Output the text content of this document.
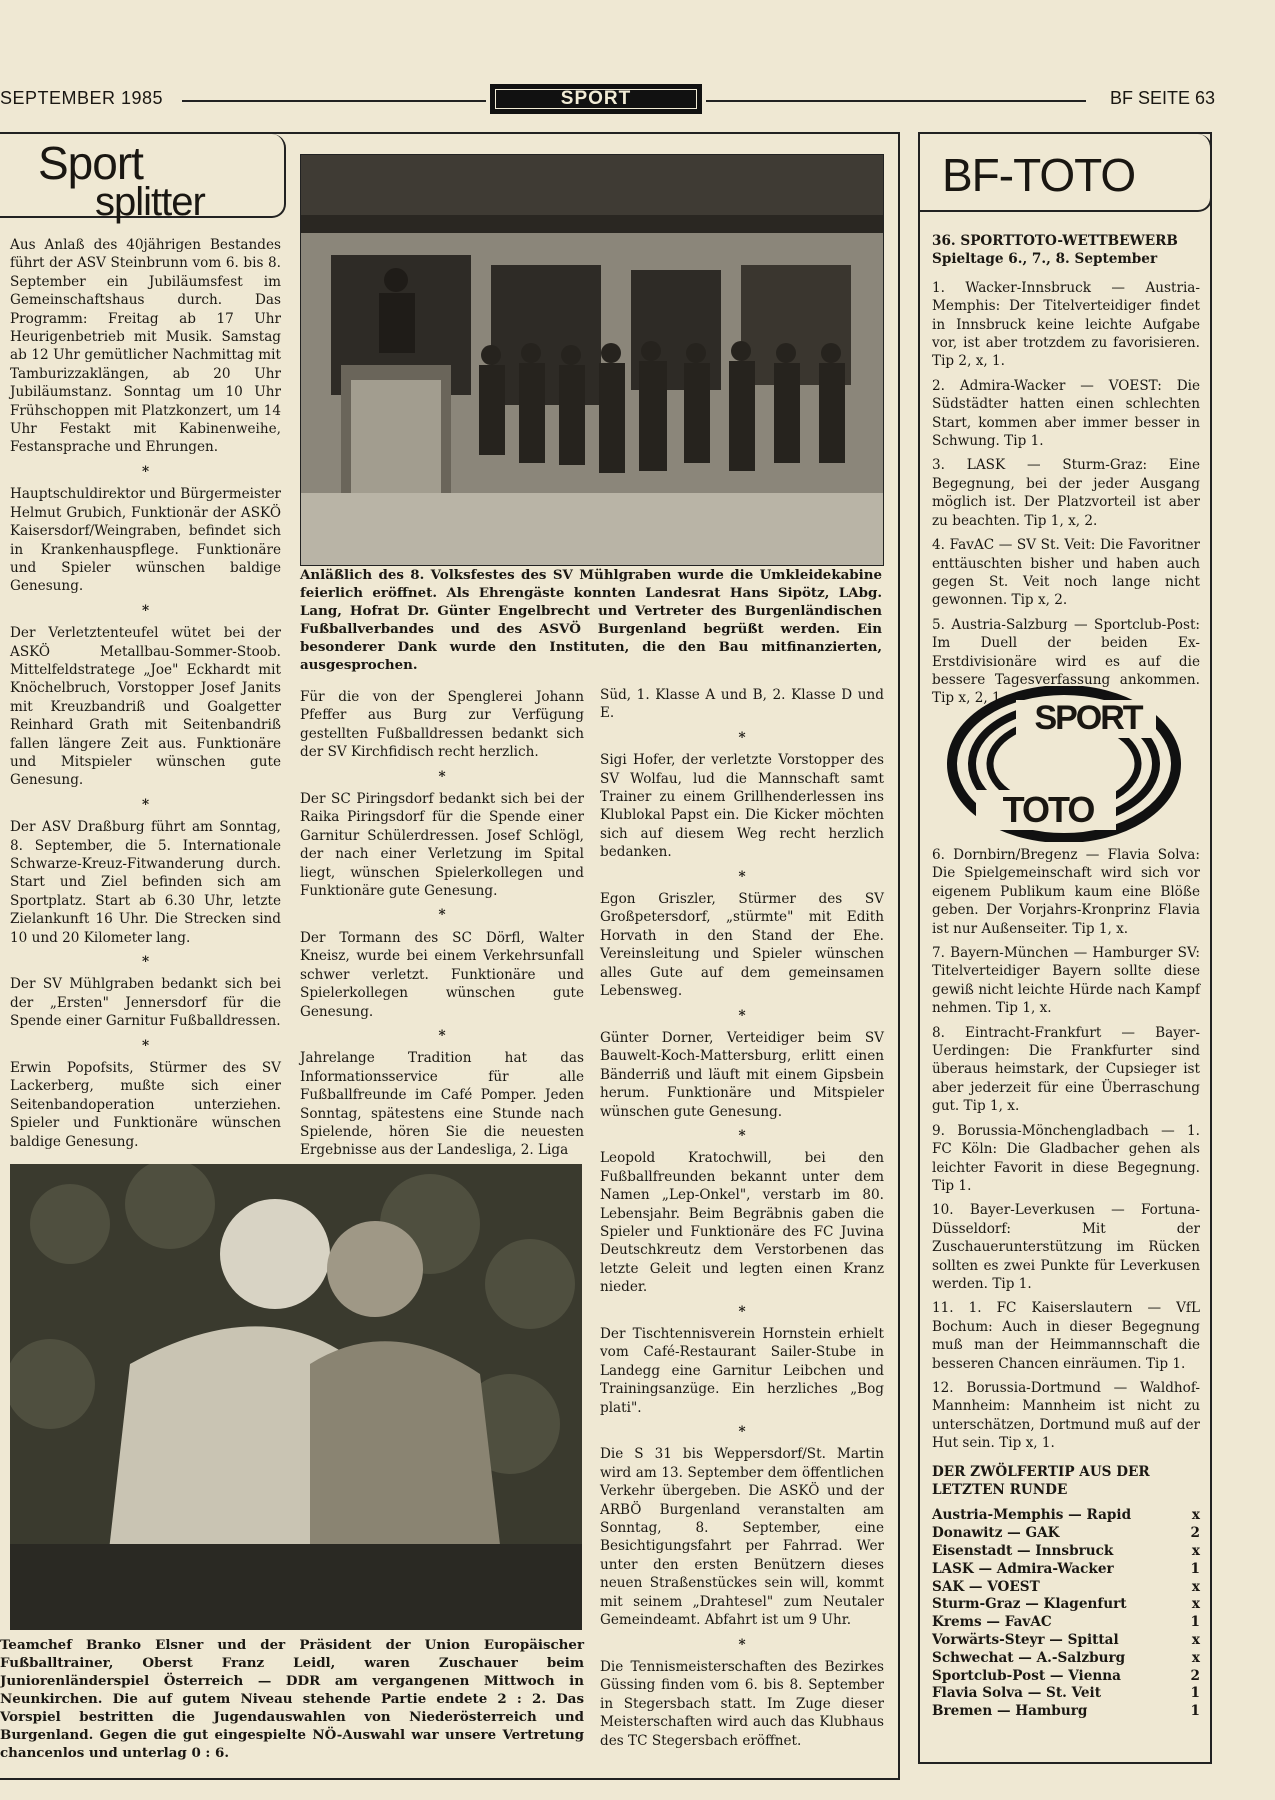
SEPTEMBER 1985	SPORT	BF SEITE 63
Sport
splitter

Aus Anlaß des 40jährigen Bestandes führt der ASV Steinbrunn vom 6. bis 8. September ein Jubiläumsfest im Gemeinschaftshaus durch. Das Programm: Freitag ab 17 Uhr Heurigenbetrieb mit Musik. Samstag ab 12 Uhr gemütlicher Nachmittag mit Tamburizzaklängen, ab 20 Uhr Jubiläumstanz. Sonntag um 10 Uhr Frühschoppen mit Platzkonzert, um 14 Uhr Festakt mit Kabinenweihe, Festansprache und Ehrungen.

*

Hauptschuldirektor und Bürgermeister Helmut Grubich, Funktionär der ASKÖ Kaisersdorf/Weingraben, befindet sich in Krankenhauspflege. Funktionäre und Spieler wünschen baldige Genesung.

*

Der Verletztenteufel wütet bei der ASKÖ Metallbau-Sommer-Stoob. Mittelfeldstratege „Joe" Eckhardt mit Knöchelbruch, Vorstopper Josef Janits mit Kreuzbandriß und Goalgetter Reinhard Grath mit Seitenbandriß fallen längere Zeit aus. Funktionäre und Mitspieler wünschen gute Genesung.

*

Der ASV Draßburg führt am Sonntag, 8. September, die 5. Internationale Schwarze-Kreuz-Fitwanderung durch. Start und Ziel befinden sich am Sportplatz. Start ab 6.30 Uhr, letzte Zielankunft 16 Uhr. Die Strecken sind 10 und 20 Kilometer lang.

*

Der SV Mühlgraben bedankt sich bei der „Ersten" Jennersdorf für die Spende einer Garnitur Fußballdressen.

*

Erwin Popofsits, Stürmer des SV Lackerberg, mußte sich einer Seitenbandoperation unterziehen. Spieler und Funktionäre wünschen baldige Genesung.

Anläßlich des 8. Volksfestes des SV Mühlgraben wurde die Umkleidekabine feierlich eröffnet. Als Ehrengäste konnten Landesrat Hans Sipötz, LAbg. Lang, Hofrat Dr. Günter Engelbrecht und Vertreter des Burgenländischen Fußballverbandes und des ASVÖ Burgenland begrüßt werden. Ein besonderer Dank wurde den Instituten, die den Bau mitfinanzierten, ausgesprochen.

Für die von der Spenglerei Johann Pfeffer aus Burg zur Verfügung gestellten Fußballdressen bedankt sich der SV Kirchfidisch recht herzlich.

*

Der SC Piringsdorf bedankt sich bei der Raika Piringsdorf für die Spende einer Garnitur Schülerdressen. Josef Schlögl, der nach einer Verletzung im Spital liegt, wünschen Spielerkollegen und Funktionäre gute Genesung.

*

Der Tormann des SC Dörfl, Walter Kneisz, wurde bei einem Verkehrsunfall schwer verletzt. Funktionäre und Spielerkollegen wünschen gute Genesung.

*

Jahrelange Tradition hat das Informationsservice für alle Fußballfreunde im Café Pomper. Jeden Sonntag, spätestens eine Stunde nach Spielende, hören Sie die neuesten Ergebnisse aus der Landesliga, 2. Liga

Süd, 1. Klasse A und B, 2. Klasse D und E.

*

Sigi Hofer, der verletzte Vorstopper des SV Wolfau, lud die Mannschaft samt Trainer zu einem Grillhenderlessen ins Klublokal Papst ein. Die Kicker möchten sich auf diesem Weg recht herzlich bedanken.

*

Egon Griszler, Stürmer des SV Großpetersdorf, „stürmte" mit Edith Horvath in den Stand der Ehe. Vereinsleitung und Spieler wünschen alles Gute auf dem gemeinsamen Lebensweg.

*

Günter Dorner, Verteidiger beim SV Bauwelt-Koch-Mattersburg, erlitt einen Bänderriß und läuft mit einem Gipsbein herum. Funktionäre und Mitspieler wünschen gute Genesung.

*

Leopold Kratochwill, bei den Fußballfreunden bekannt unter dem Namen „Lep-Onkel", verstarb im 80. Lebensjahr. Beim Begräbnis gaben die Spieler und Funktionäre des FC Juvina Deutschkreutz dem Verstorbenen das letzte Geleit und legten einen Kranz nieder.

*

Der Tischtennisverein Hornstein erhielt vom Café-Restaurant Sailer-Stube in Landegg eine Garnitur Leibchen und Trainingsanzüge. Ein herzliches „Bog plati".

*

Die S 31 bis Weppersdorf/St. Martin wird am 13. September dem öffentlichen Verkehr übergeben. Die ASKÖ und der ARBÖ Burgenland veranstalten am Sonntag, 8. September, eine Besichtigungsfahrt per Fahrrad. Wer unter den ersten Benützern dieses neuen Straßenstückes sein will, kommt mit seinem „Drahtesel" zum Neutaler Gemeindeamt. Abfahrt ist um 9 Uhr.

*

Die Tennismeisterschaften des Bezirkes Güssing finden vom 6. bis 8. September in Stegersbach statt. Im Zuge dieser Meisterschaften wird auch das Klubhaus des TC Stegersbach eröffnet.

Teamchef Branko Elsner und der Präsident der Union Europäischer Fußballtrainer, Oberst Franz Leidl, waren Zuschauer beim Juniorenländerspiel Österreich — DDR am vergangenen Mittwoch in Neunkirchen. Die auf gutem Niveau stehende Partie endete 2 : 2. Das Vorspiel bestritten die Jugendauswahlen von Niederösterreich und Burgenland. Gegen die gut eingespielte NÖ-Auswahl war unsere Vertretung chancenlos und unterlag 0 : 6.
BF-TOTO
36. SPORTTOTO-WETTBEWERB
Spieltage 6., 7., 8. September

1. Wacker-Innsbruck — Austria-Memphis: Der Titelverteidiger findet in Innsbruck keine leichte Aufgabe vor, ist aber trotzdem zu favorisieren. Tip 2, x, 1.

2. Admira-Wacker — VOEST: Die Südstädter hatten einen schlechten Start, kommen aber immer besser in Schwung. Tip 1.

3. LASK — Sturm-Graz: Eine Begegnung, bei der jeder Ausgang möglich ist. Der Platzvorteil ist aber zu beachten. Tip 1, x, 2.

4. FavAC — SV St. Veit: Die Favoritner enttäuschten bisher und haben auch gegen St. Veit noch lange nicht gewonnen. Tip x, 2.

5. Austria-Salzburg — Sportclub-Post: Im Duell der beiden Ex-Erstdivisionäre wird es auf die bessere Tagesverfassung ankommen. Tip x, 2, 1.

SPORT
TOTO

6. Dornbirn/Bregenz — Flavia Solva: Die Spielgemeinschaft wird sich vor eigenem Publikum kaum eine Blöße geben. Der Vorjahrs-Kronprinz Flavia ist nur Außenseiter. Tip 1, x.

7. Bayern-München — Hamburger SV: Titelverteidiger Bayern sollte diese gewiß nicht leichte Hürde nach Kampf nehmen. Tip 1, x.

8. Eintracht-Frankfurt — Bayer-Uerdingen: Die Frankfurter sind überaus heimstark, der Cupsieger ist aber jederzeit für eine Überraschung gut. Tip 1, x.

9. Borussia-Mönchengladbach — 1. FC Köln: Die Gladbacher gehen als leichter Favorit in diese Begegnung. Tip 1.

10. Bayer-Leverkusen — Fortuna-Düsseldorf: Mit der Zuschauerunterstützung im Rücken sollten es zwei Punkte für Leverkusen werden. Tip 1.

11. 1. FC Kaiserslautern — VfL Bochum: Auch in dieser Begegnung muß man der Heimmannschaft die besseren Chancen einräumen. Tip 1.

12. Borussia-Dortmund — Waldhof-Mannheim: Mannheim ist nicht zu unterschätzen, Dortmund muß auf der Hut sein. Tip x, 1.

DER ZWÖLFERTIP AUS DER LETZTEN RUNDE
Austria-Memphis — Rapid	x
Donawitz — GAK	2
Eisenstadt — Innsbruck	x
LASK — Admira-Wacker	1
SAK — VOEST	x
Sturm-Graz — Klagenfurt	x
Krems — FavAC	1
Vorwärts-Steyr — Spittal	x
Schwechat — A.-Salzburg	x
Sportclub-Post — Vienna	2
Flavia Solva — St. Veit	1
Bremen — Hamburg	1
